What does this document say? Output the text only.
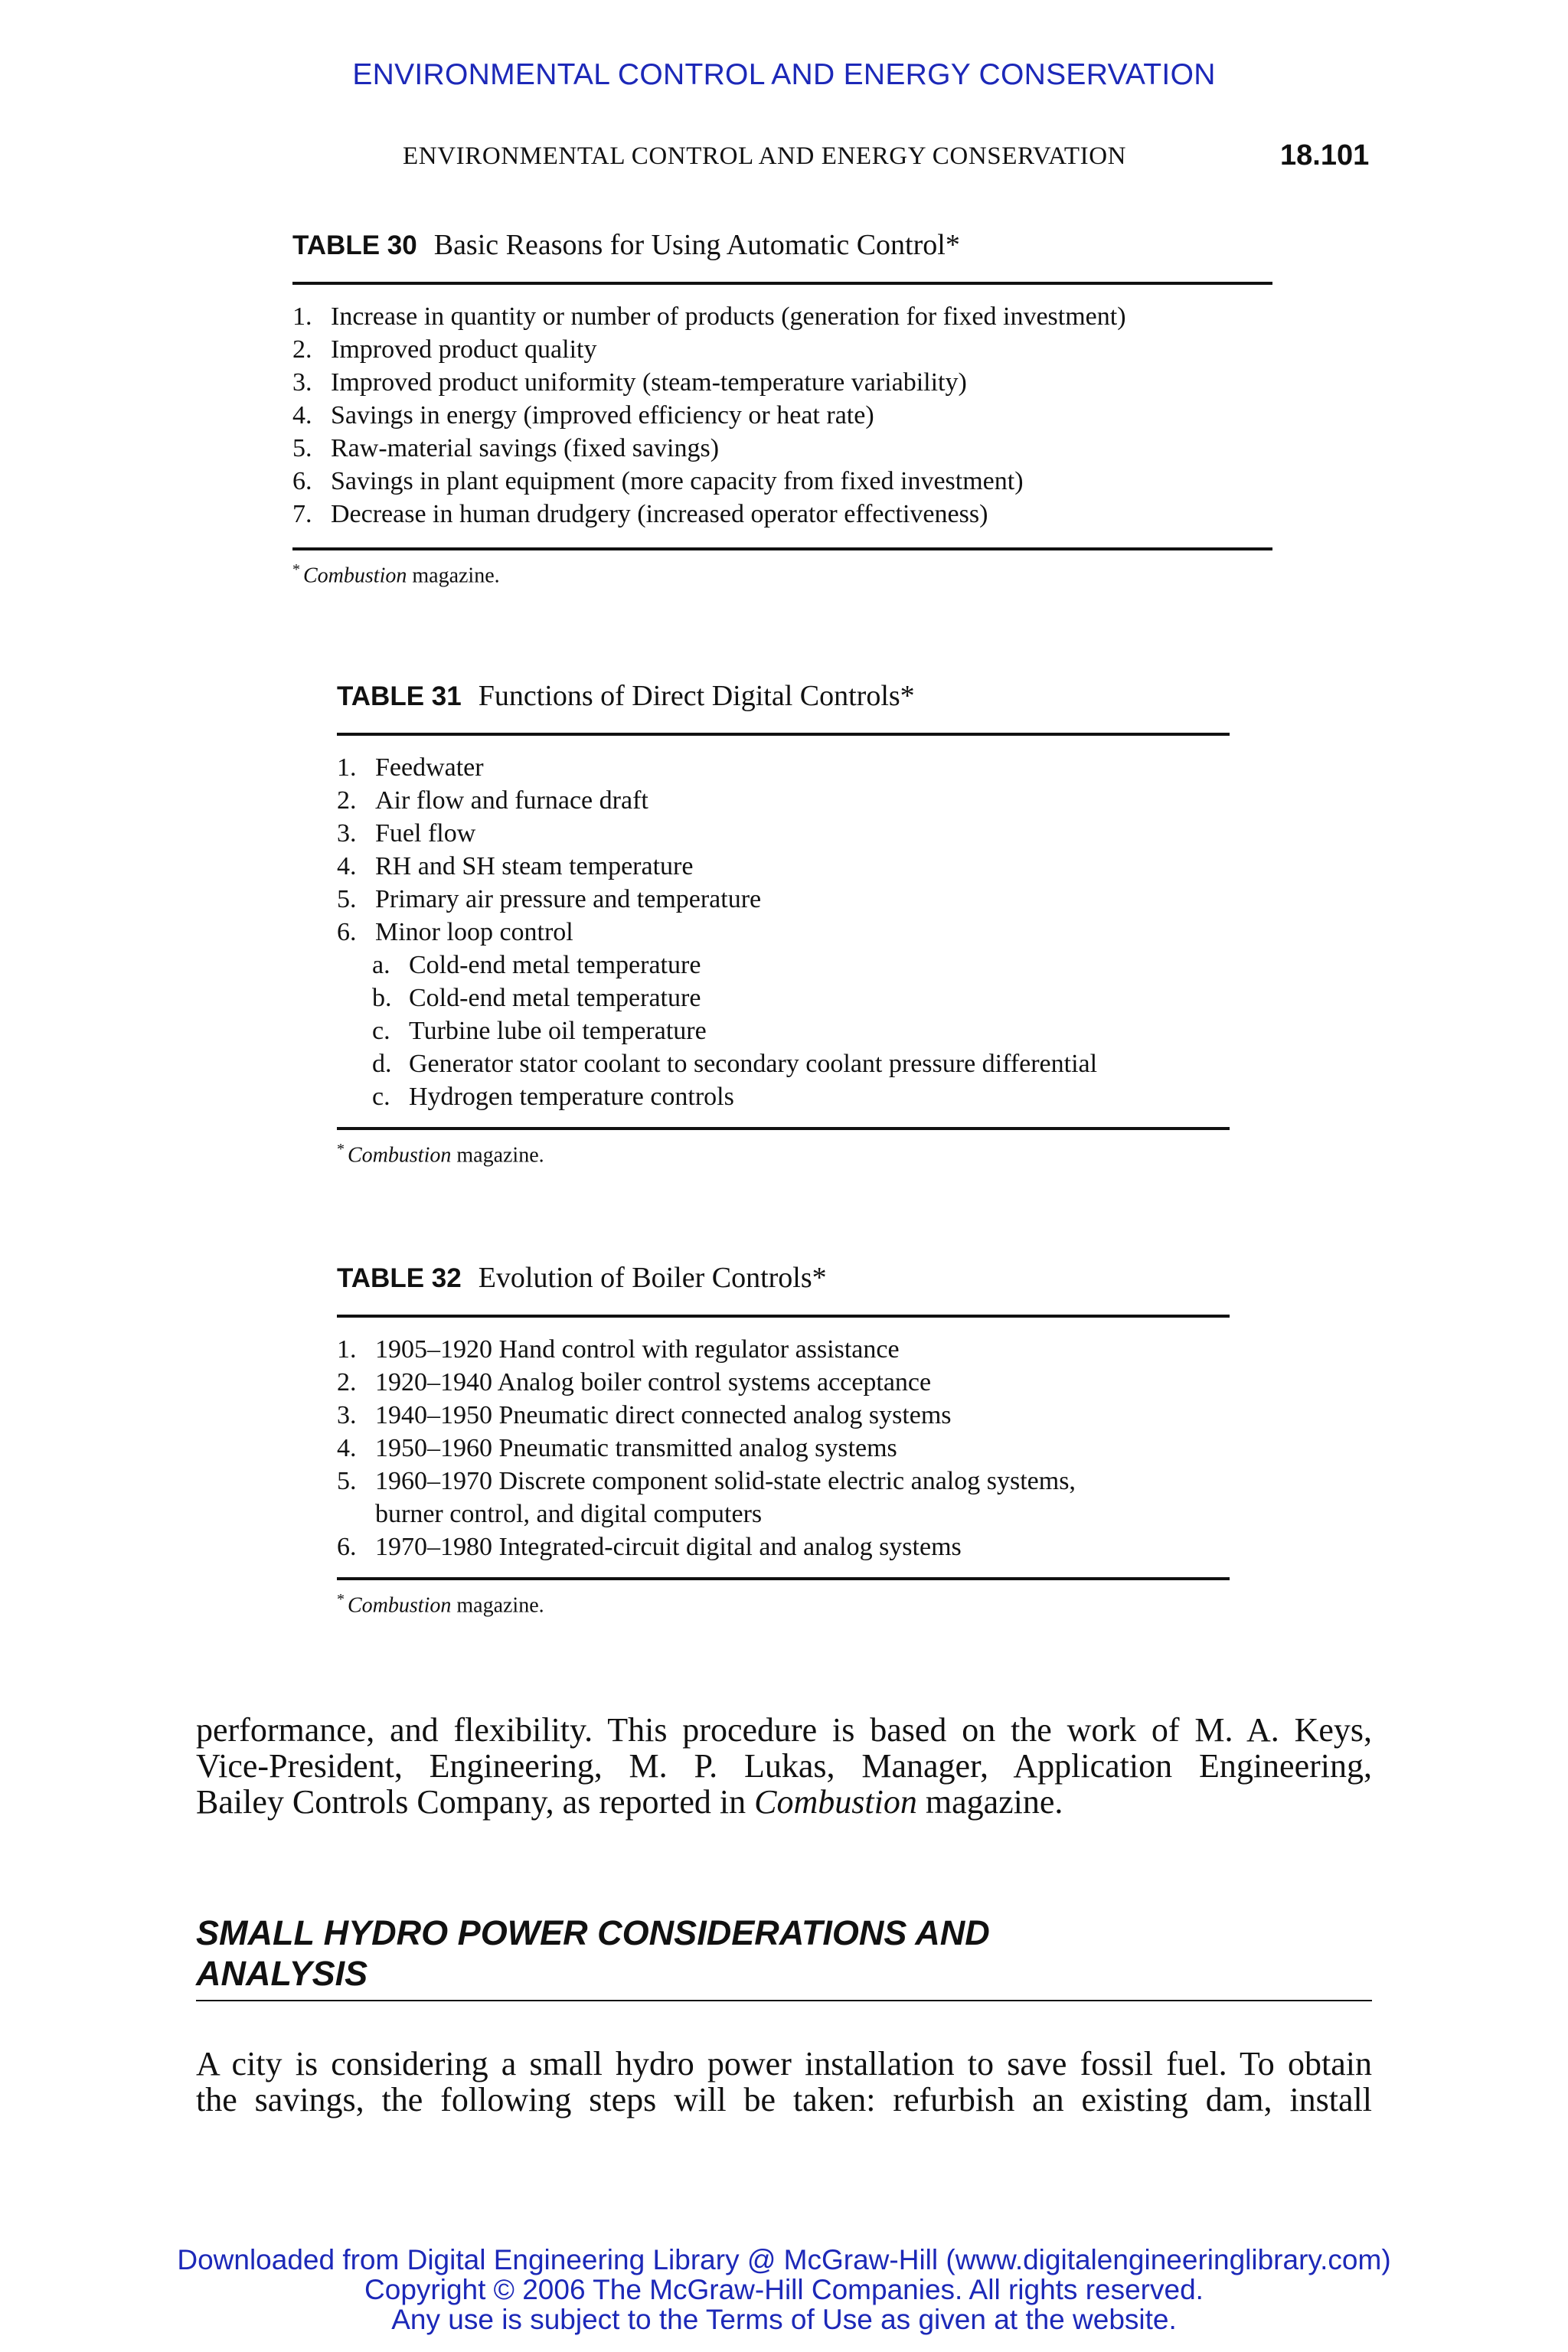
ENVIRONMENTAL CONTROL AND ENERGY CONSERVATION
ENVIRONMENTAL CONTROL AND ENERGY CONSERVATION	18.101
TABLE 30 Basic Reasons for Using Automatic Control*
1. Increase in quantity or number of products (generation for fixed investment)
2. Improved product quality
3. Improved product uniformity (steam-temperature variability)
4. Savings in energy (improved efficiency or heat rate)
5. Raw-material savings (fixed savings)
6. Savings in plant equipment (more capacity from fixed investment)
7. Decrease in human drudgery (increased operator effectiveness)
* Combustion magazine.
TABLE 31 Functions of Direct Digital Controls*
1. Feedwater
2. Air flow and furnace draft
3. Fuel flow
4. RH and SH steam temperature
5. Primary air pressure and temperature
6. Minor loop control
a. Cold-end metal temperature
b. Cold-end metal temperature
c. Turbine lube oil temperature
d. Generator stator coolant to secondary coolant pressure differential
c. Hydrogen temperature controls
* Combustion magazine.
TABLE 32 Evolution of Boiler Controls*
1. 1905–1920 Hand control with regulator assistance
2. 1920–1940 Analog boiler control systems acceptance
3. 1940–1950 Pneumatic direct connected analog systems
4. 1950–1960 Pneumatic transmitted analog systems
5. 1960–1970 Discrete component solid-state electric analog systems,
burner control, and digital computers
6. 1970–1980 Integrated-circuit digital and analog systems
* Combustion magazine.
performance, and flexibility. This procedure is based on the work of M. A. Keys,
Vice-President, Engineering, M. P. Lukas, Manager, Application Engineering,
Bailey Controls Company, as reported in Combustion magazine.
SMALL HYDRO POWER CONSIDERATIONS AND
ANALYSIS
A city is considering a small hydro power installation to save fossil fuel. To obtain
the savings, the following steps will be taken: refurbish an existing dam, install
Downloaded from Digital Engineering Library @ McGraw-Hill (www.digitalengineeringlibrary.com)
Copyright © 2006 The McGraw-Hill Companies. All rights reserved.
Any use is subject to the Terms of Use as given at the website.
